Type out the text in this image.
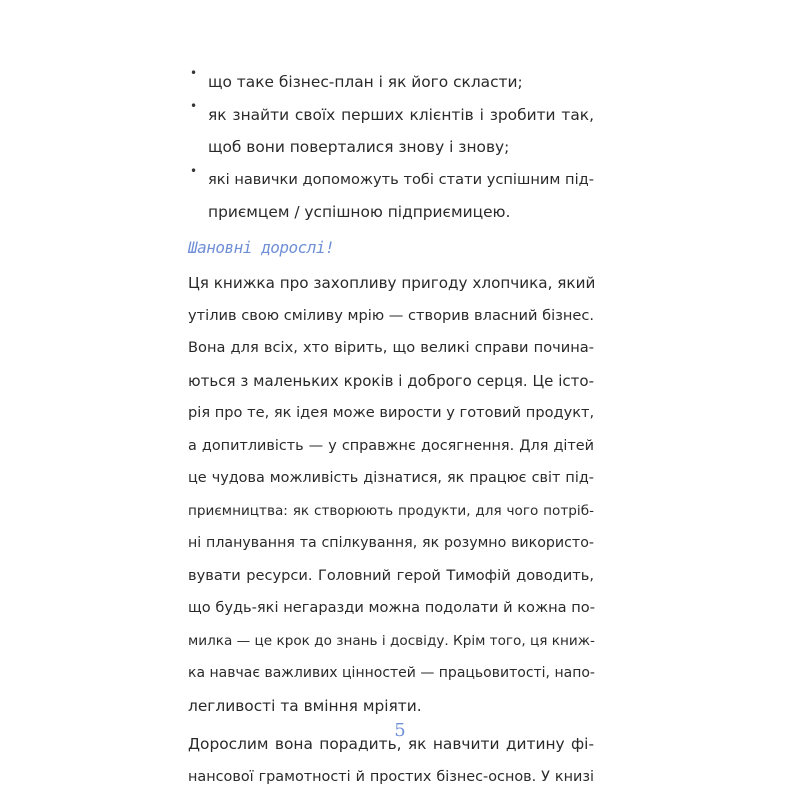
• що таке бізнес-план і як його скласти;
• як знайти своїх перших клієнтів і зробити так,
щоб вони поверталися знову і знову;
• які навички допоможуть тобі стати успішним під-
приємцем / успішною підприємицею.
Шановні дорослі!
Ця книжка про захопливу пригоду хлопчика, який
утілив свою сміливу мрію — створив власний бізнес.
Вона для всіх, хто вірить, що великі справи почина-
ються з маленьких кроків і доброго серця. Це істо-
рія про те, як ідея може вирости у готовий продукт,
а допитливість — у справжнє досягнення. Для дітей
це чудова можливість дізнатися, як працює світ під-
приємництва: як створюють продукти, для чого потріб-
ні планування та спілкування, як розумно використо-
вувати ресурси. Головний герой Тимофій доводить,
що будь-які негаразди можна подолати й кожна по-
милка — це крок до знань і досвіду. Крім того, ця книж-
ка навчає важливих цінностей — працьовитості, напо-
легливості та вміння мріяти.
Дорослим вона порадить, як навчити дитину фі-
нансової грамотності й простих бізнес-основ. У книзі
5
